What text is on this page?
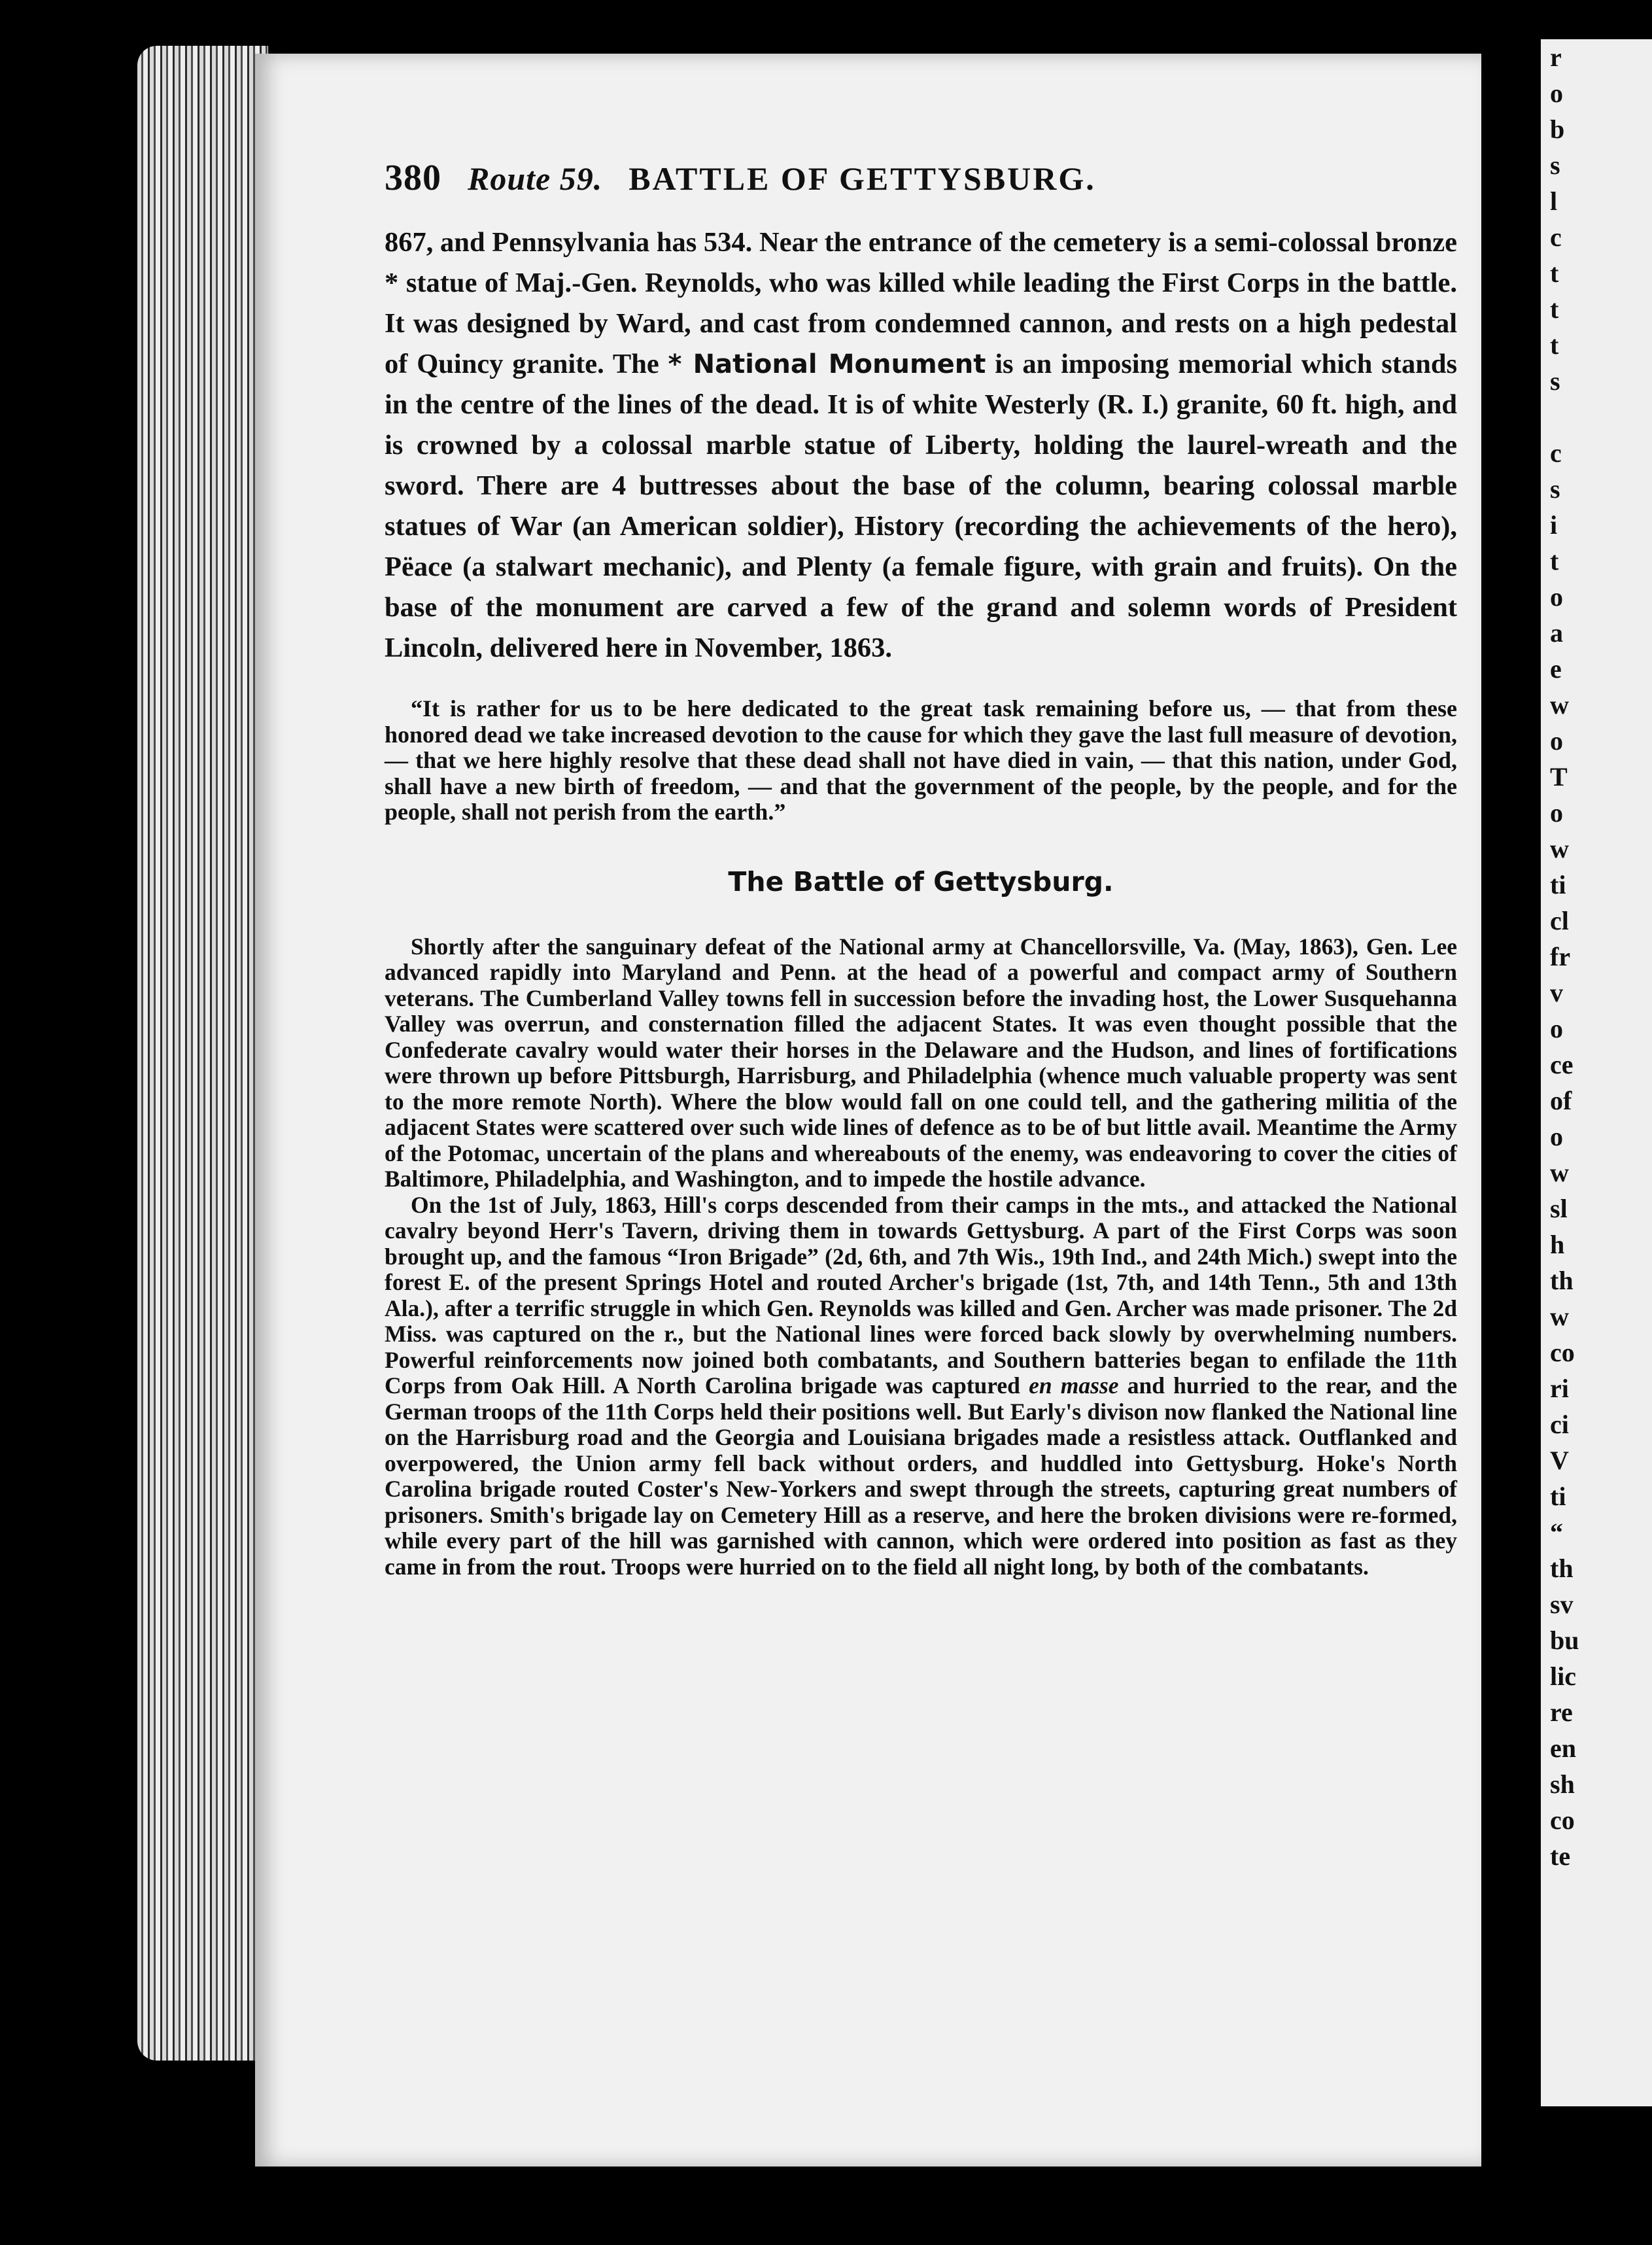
r
o
b
s
l
c
t
t
t
s

c
s
i
t
o
a
e
w
o
T
o
w
ti
cl
fr
v
o
ce
of
o
w
sl
h
th
w
co
ri
ci
V
ti
“
th
sv
bu
lic
re
en
sh
co
te
380 Route 59. BATTLE OF GETTYSBURG.

867, and Pennsylvania has 534. Near the entrance of the cemetery is a semi-colossal bronze * statue of Maj.-Gen. Reynolds, who was killed while leading the First Corps in the battle. It was designed by Ward, and cast from condemned cannon, and rests on a high pedestal of Quincy granite. The * National Monument is an imposing memorial which stands in the centre of the lines of the dead. It is of white Westerly (R. I.) granite, 60 ft. high, and is crowned by a colossal marble statue of Liberty, holding the laurel-wreath and the sword. There are 4 buttresses about the base of the column, bearing colossal marble statues of War (an American soldier), History (recording the achievements of the hero), Pëace (a stalwart mechanic), and Plenty (a female figure, with grain and fruits). On the base of the monument are carved a few of the grand and solemn words of President Lincoln, delivered here in November, 1863.

“It is rather for us to be here dedicated to the great task remaining before us, — that from these honored dead we take increased devotion to the cause for which they gave the last full measure of devotion, — that we here highly resolve that these dead shall not have died in vain, — that this nation, under God, shall have a new birth of freedom, — and that the government of the people, by the people, and for the people, shall not perish from the earth.”

The Battle of Gettysburg.

Shortly after the sanguinary defeat of the National army at Chancellorsville, Va. (May, 1863), Gen. Lee advanced rapidly into Maryland and Penn. at the head of a powerful and compact army of Southern veterans. The Cumberland Valley towns fell in succession before the invading host, the Lower Susquehanna Valley was overrun, and consternation filled the adjacent States. It was even thought possible that the Confederate cavalry would water their horses in the Delaware and the Hudson, and lines of fortifications were thrown up before Pittsburgh, Harrisburg, and Philadelphia (whence much valuable property was sent to the more remote North). Where the blow would fall on one could tell, and the gathering militia of the adjacent States were scattered over such wide lines of defence as to be of but little avail. Meantime the Army of the Potomac, uncertain of the plans and whereabouts of the enemy, was endeavoring to cover the cities of Baltimore, Philadelphia, and Washington, and to impede the hostile advance.

On the 1st of July, 1863, Hill's corps descended from their camps in the mts., and attacked the National cavalry beyond Herr's Tavern, driving them in towards Gettysburg. A part of the First Corps was soon brought up, and the famous “Iron Brigade” (2d, 6th, and 7th Wis., 19th Ind., and 24th Mich.) swept into the forest E. of the present Springs Hotel and routed Archer's brigade (1st, 7th, and 14th Tenn., 5th and 13th Ala.), after a terrific struggle in which Gen. Reynolds was killed and Gen. Archer was made prisoner. The 2d Miss. was captured on the r., but the National lines were forced back slowly by overwhelming numbers. Powerful reinforcements now joined both combatants, and Southern batteries began to enfilade the 11th Corps from Oak Hill. A North Carolina brigade was captured en masse and hurried to the rear, and the German troops of the 11th Corps held their positions well. But Early's divison now flanked the National line on the Harrisburg road and the Georgia and Louisiana brigades made a resistless attack. Outflanked and overpowered, the Union army fell back without orders, and huddled into Gettysburg. Hoke's North Carolina brigade routed Coster's New-Yorkers and swept through the streets, capturing great numbers of prisoners. Smith's brigade lay on Cemetery Hill as a reserve, and here the broken divisions were re-formed, while every part of the hill was garnished with cannon, which were ordered into position as fast as they came in from the rout. Troops were hurried on to the field all night long, by both of the combatants.
